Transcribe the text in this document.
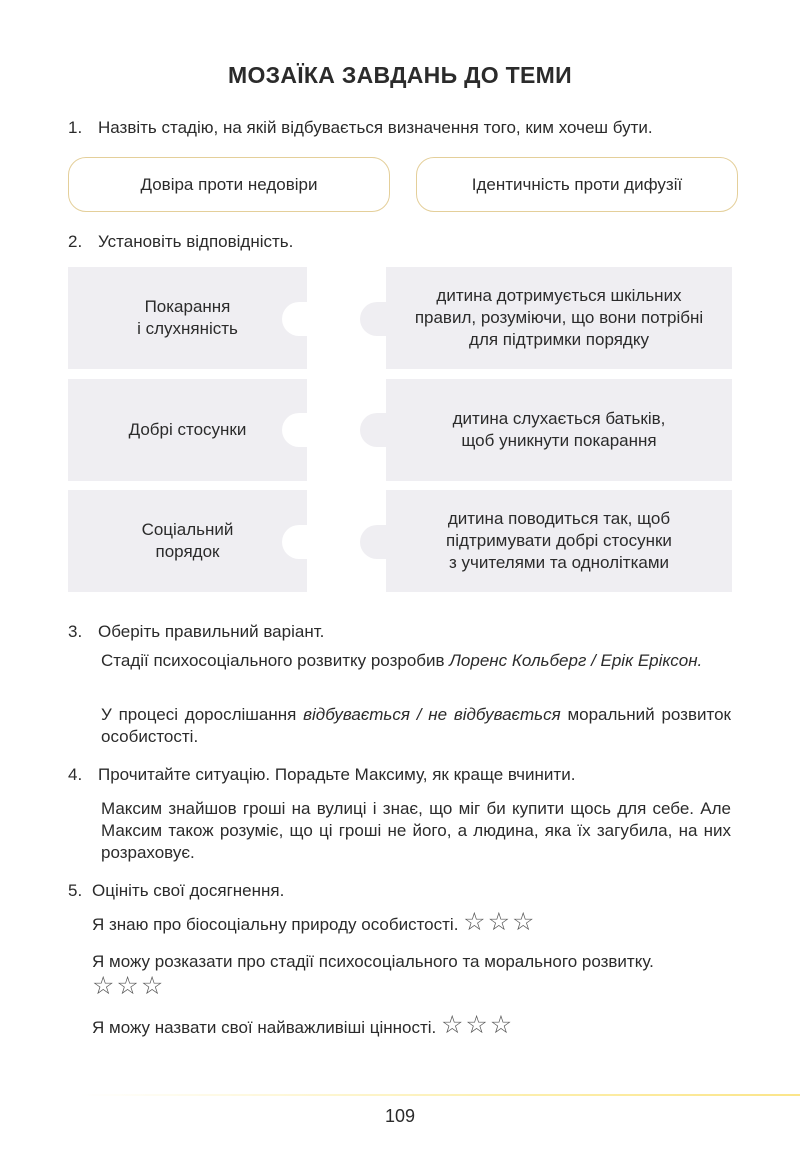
МОЗАЇКА ЗАВДАНЬ ДО ТЕМИ
1. Назвіть стадію, на якій відбувається визначення того, ким хочеш бути.
Довіра проти недовіри	Ідентичність проти дифузії
2. Установіть відповідність.
Покарання
і слухняність
дитина дотримується шкільних
правил, розуміючи, що вони потрібні
для підтримки порядку
Добрі стосунки
дитина слухається батьків,
щоб уникнути покарання
Соціальний
порядок
дитина поводиться так, щоб
підтримувати добрі стосунки
з учителями та однолітками
3. Оберіть правильний варіант.
Стадії психосоціального розвитку розробив Лоренс Кольберг / Ерік Еріксон.
У процесі дорослішання відбувається / не відбувається моральний розвиток особистості.
4. Прочитайте ситуацію. Порадьте Максиму, як краще вчинити.
Максим знайшов гроші на вулиці і знає, що міг би купити щось для себе. Але Максим також розуміє, що ці гроші не його, а людина, яка їх загубила, на них розраховує.
5. Оцініть свої досягнення.
Я знаю про біосоціальну природу особистості. ☆☆☆
Я можу розказати про стадії психосоціального та морального розвитку.
☆☆☆
Я можу назвати свої найважливіші цінності. ☆☆☆
109
